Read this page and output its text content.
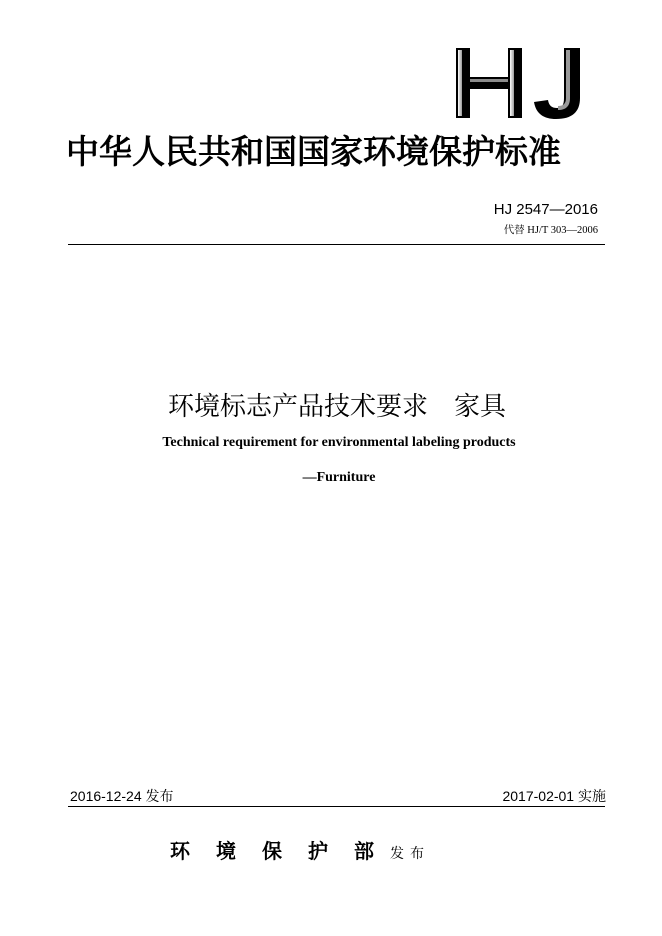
中华人民共和国国家环境保护标准
HJ 2547—2016
代替 HJ/T 303—2006
环境标志产品技术要求　家具
Technical requirement for environmental labeling products
—Furniture
2016-12-24 发布	2017-02-01 实施
环境保护部发布
